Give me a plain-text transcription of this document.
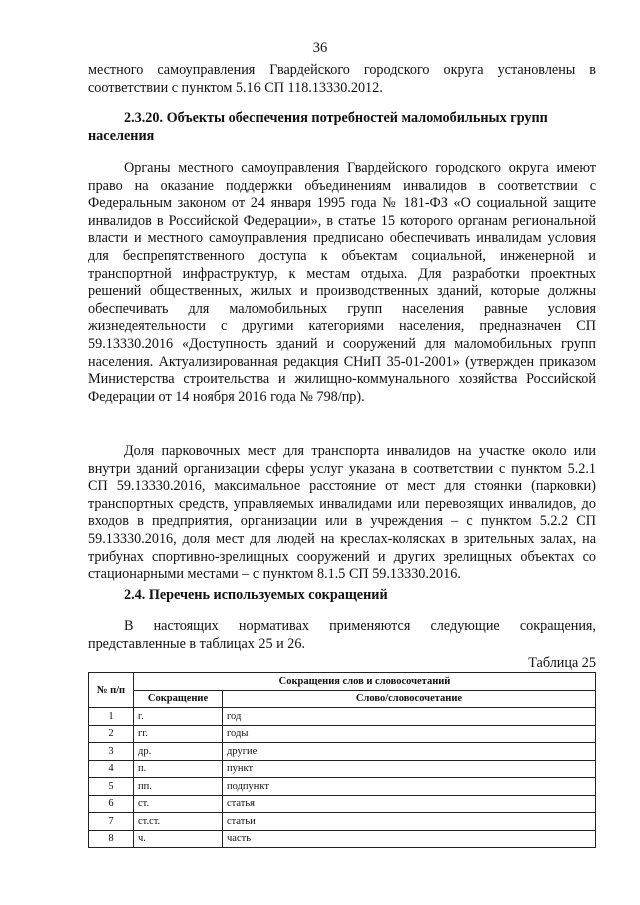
36

местного самоуправления Гвардейского городского округа установлены в соответствии с пунктом 5.16 СП 118.13330.2012.

2.3.20. Объекты обеспечения потребностей маломобильных групп населения

Органы местного самоуправления Гвардейского городского округа имеют право на оказание поддержки объединениям инвалидов в соответствии с Федеральным законом от 24 января 1995 года № 181-ФЗ «О социальной защите инвалидов в Российской Федерации», в статье 15 которого органам региональной власти и местного самоуправления предписано обеспечивать инвалидам условия для беспрепятственного доступа к объектам социальной, инженерной и транспортной инфраструктур, к местам отдыха. Для разработки проектных решений общественных, жилых и производственных зданий, которые должны обеспечивать для маломобильных групп населения равные условия жизнедеятельности с другими категориями населения, предназначен СП 59.13330.2016 «Доступность зданий и сооружений для маломобильных групп населения. Актуализированная редакция СНиП 35-01-2001» (утвержден приказом Министерства строительства и жилищно-коммунального хозяйства Российской Федерации от 14 ноября 2016 года № 798/пр).

Доля парковочных мест для транспорта инвалидов на участке около или внутри зданий организации сферы услуг указана в соответствии с пунктом 5.2.1 СП 59.13330.2016, максимальное расстояние от мест для стоянки (парковки) транспортных средств, управляемых инвалидами или перевозящих инвалидов, до входов в предприятия, организации или в учреждения – с пунктом 5.2.2 СП 59.13330.2016, доля мест для людей на креслах-колясках в зрительных залах, на трибунах спортивно-зрелищных сооружений и других зрелищных объектах со стационарными местами – с пунктом 8.1.5 СП 59.13330.2016.

2.4. Перечень используемых сокращений

В настоящих нормативах применяются следующие сокращения, представленные в таблицах 25 и 26.

Таблица 25
№ п/п	Сокращения слов и словосочетаний	
	Сокращение	Слово/словосочетание
1	г.	год
2	гг.	годы
3	др.	другие
4	п.	пункт
5	пп.	подпункт
6	ст.	статья
7	ст.ст.	статьи
8	ч.	часть
